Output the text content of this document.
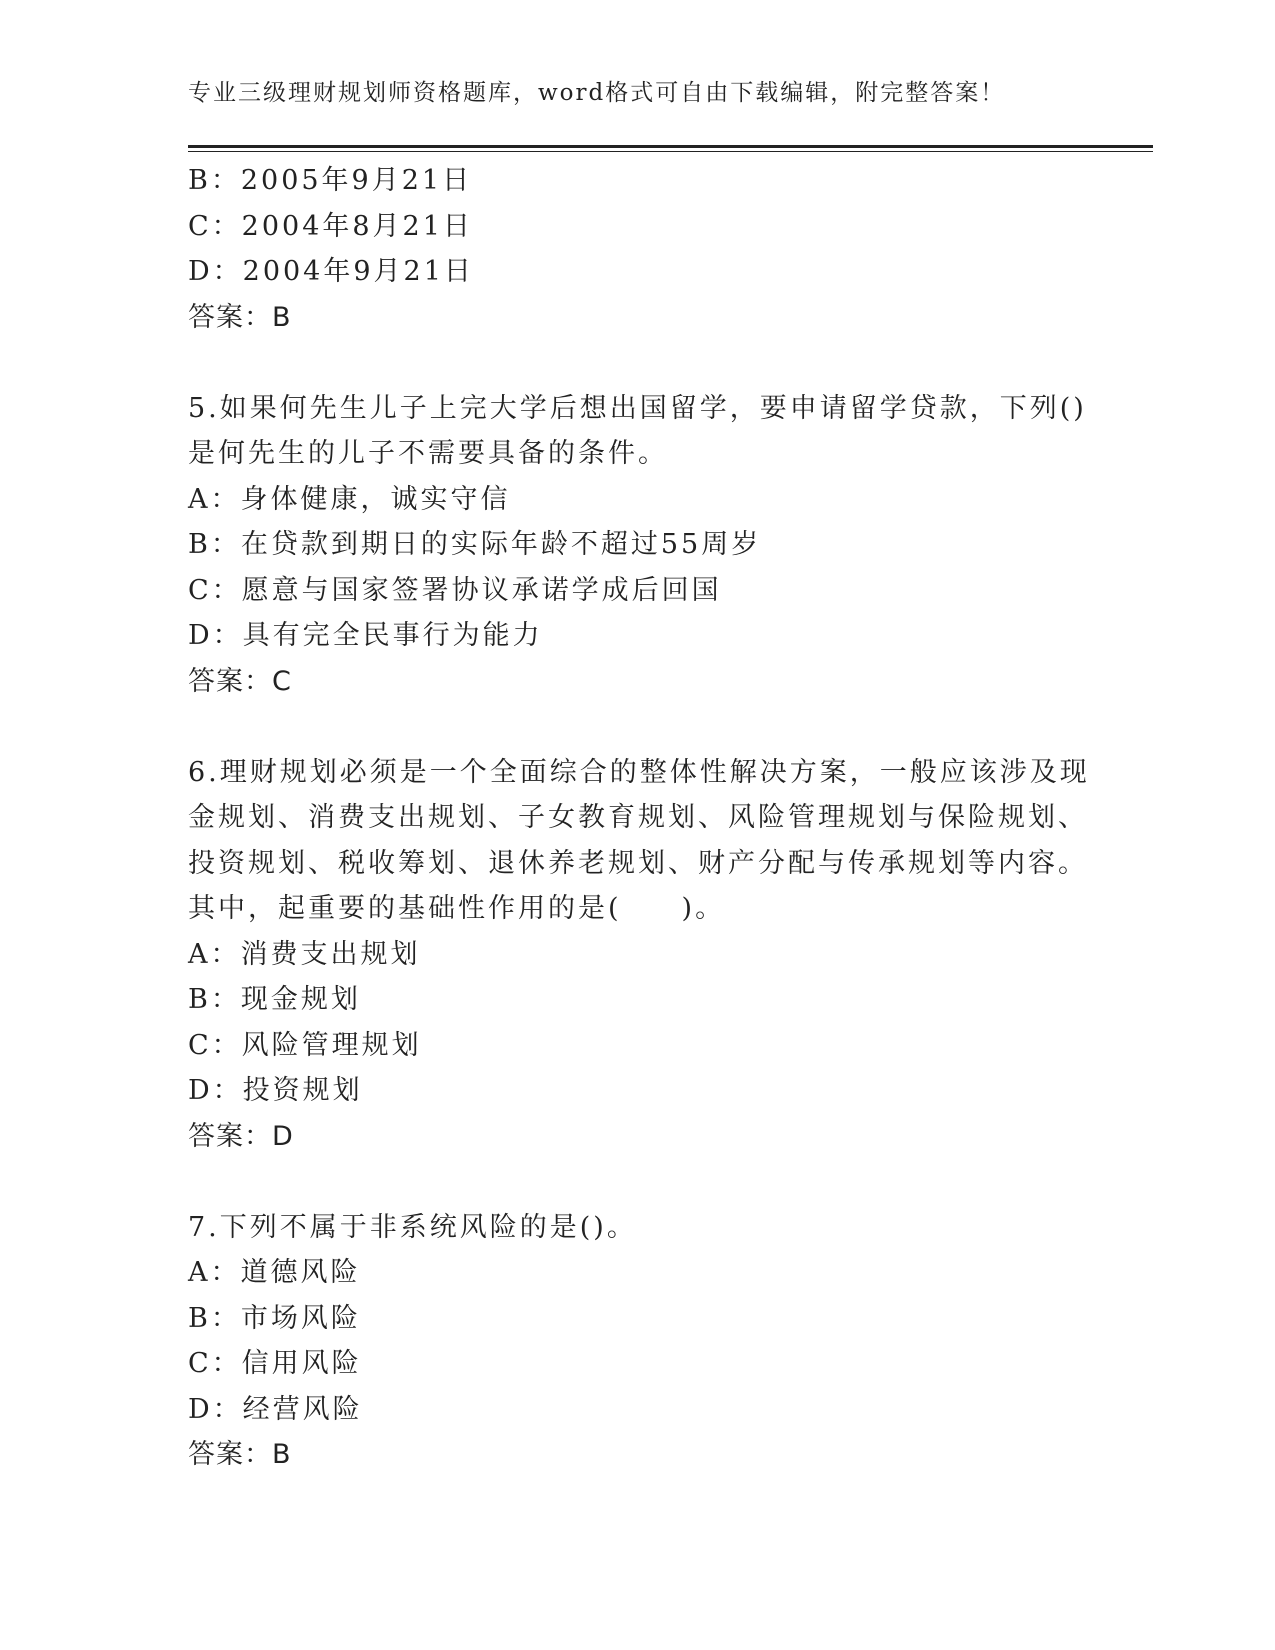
专业三级理财规划师资格题库，word格式可自由下载编辑，附完整答案！
B：2005年9月21日
C：2004年8月21日
D：2004年9月21日
答案：B
5.如果何先生儿子上完大学后想出国留学，要申请留学贷款，下列()
是何先生的儿子不需要具备的条件。
A：身体健康，诚实守信
B：在贷款到期日的实际年龄不超过55周岁
C：愿意与国家签署协议承诺学成后回国
D：具有完全民事行为能力
答案：C
6.理财规划必须是一个全面综合的整体性解决方案，一般应该涉及现
金规划、消费支出规划、子女教育规划、风险管理规划与保险规划、
投资规划、税收筹划、退休养老规划、财产分配与传承规划等内容。
其中，起重要的基础性作用的是(　　)。
A：消费支出规划
B：现金规划
C：风险管理规划
D：投资规划
答案：D
7.下列不属于非系统风险的是()。
A：道德风险
B：市场风险
C：信用风险
D：经营风险
答案：B
